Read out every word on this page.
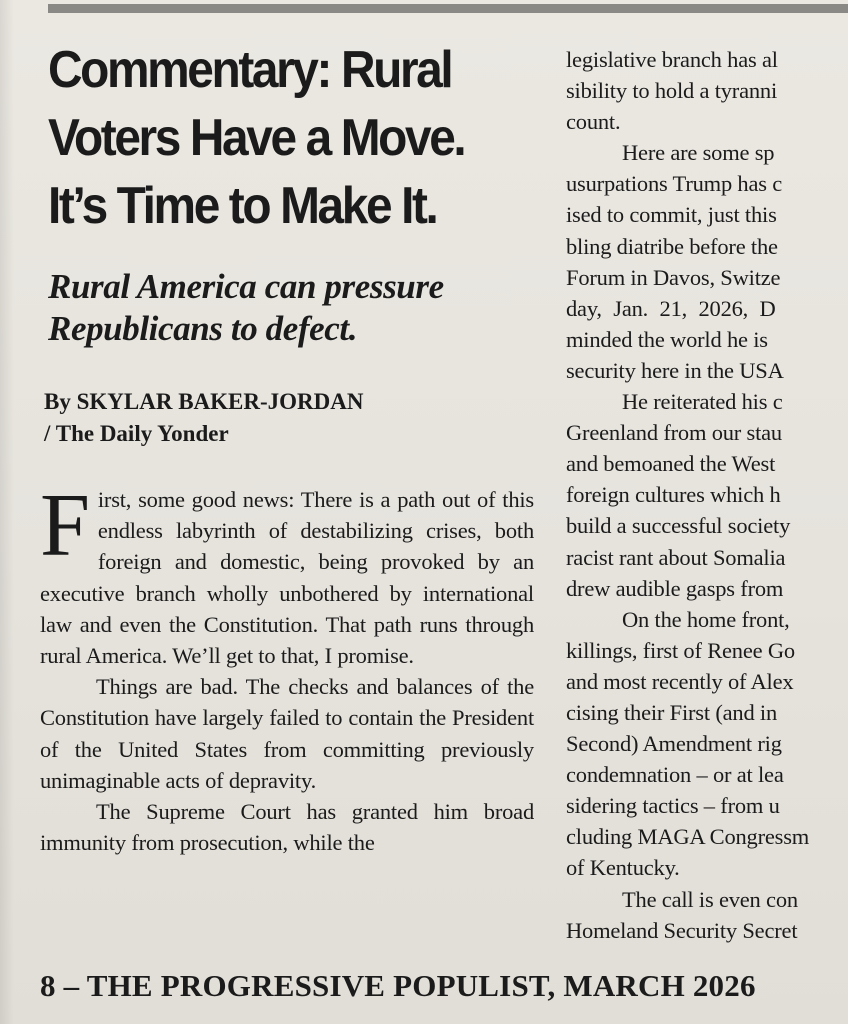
Commentary: Rural Voters Have a Move. It’s Time to Make It.
Rural America can pressure Republicans to defect.
By SKYLAR BAKER-JORDAN
/ The Daily Yonder

First, some good news: There is a path out of this endless labyrinth of destabilizing crises, both foreign and domestic, being provoked by an executive branch wholly unbothered by international law and even the Constitution. That path runs through rural America. We’ll get to that, I promise.

Things are bad. The checks and balances of the Constitution have largely failed to contain the President of the United States from committing previously unimaginable acts of depravity.

The Supreme Court has granted him broad immunity from prosecution, while the

legislative branch has al
sibility to hold a tyranni
count.
Here are some sp
usurpations Trump has c
ised to commit, just this
bling diatribe before the
Forum in Davos, Switze
day, Jan. 21, 2026, D
minded the world he is
security here in the USA
He reiterated his c
Greenland from our stau
and bemoaned the West
foreign cultures which h
build a successful society
racist rant about Somalia
drew audible gasps from
On the home front,
killings, first of Renee Go
and most recently of Alex
cising their First (and in
Second) Amendment rig
condemnation – or at lea
sidering tactics – from u
cluding MAGA Congressm
of Kentucky.
The call is even con
Homeland Security Secret
8 – THE PROGRESSIVE POPULIST, MARCH 2026
